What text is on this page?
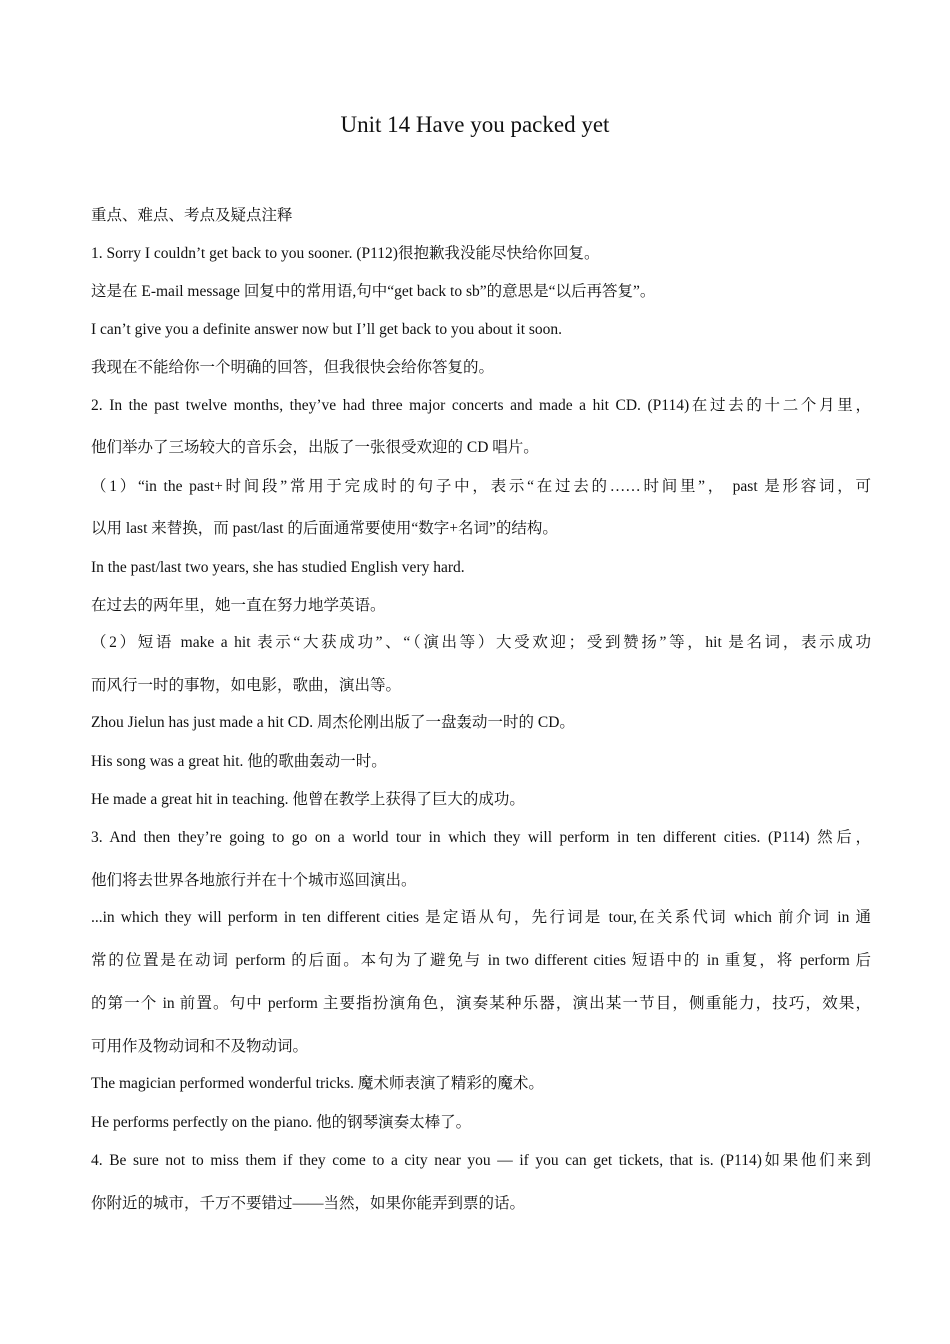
Unit 14 Have you packed yet
重点、难点、考点及疑点注释
1. Sorry I couldn’t get back to you sooner. (P112)很抱歉我没能尽快给你回复。
这是在 E-mail message 回复中的常用语,句中“get back to sb”的意思是“以后再答复”。
I can’t give you a definite answer now but I’ll get back to you about it soon.
我现在不能给你一个明确的回答，但我很快会给你答复的。
2. In the past twelve months, they’ve had three major concerts and made a hit CD. (P114)在过去的十二个月里，
他们举办了三场较大的音乐会，出版了一张很受欢迎的 CD 唱片。
（1）“in the past+时间段”常用于完成时的句子中，表示“在过去的……时间里”， past 是形容词，可
以用 last 来替换，而 past/last 的后面通常要使用“数字+名词”的结构。
In the past/last two years, she has studied English very hard.
在过去的两年里，她一直在努力地学英语。
（2）短语 make a hit 表示“大获成功”、“（演出等）大受欢迎；受到赞扬”等，hit 是名词，表示成功
而风行一时的事物，如电影，歌曲，演出等。
Zhou Jielun has just made a hit CD. 周杰伦刚出版了一盘轰动一时的 CD。
His song was a great hit. 他的歌曲轰动一时。
He made a great hit in teaching. 他曾在教学上获得了巨大的成功。
3. And then they’re going to go on a world tour in which they will perform in ten different cities. (P114) 然后，
他们将去世界各地旅行并在十个城市巡回演出。
...in which they will perform in ten different cities 是定语从句，先行词是 tour,在关系代词 which 前介词 in 通
常的位置是在动词 perform 的后面。本句为了避免与 in two different cities 短语中的 in 重复，将 perform 后
的第一个 in 前置。句中 perform 主要指扮演角色，演奏某种乐器，演出某一节目，侧重能力，技巧，效果，
可用作及物动词和不及物动词。
The magician performed wonderful tricks. 魔术师表演了精彩的魔术。
He performs perfectly on the piano. 他的钢琴演奏太棒了。
4. Be sure not to miss them if they come to a city near you — if you can get tickets, that is. (P114)如果他们来到
你附近的城市，千万不要错过——当然，如果你能弄到票的话。
